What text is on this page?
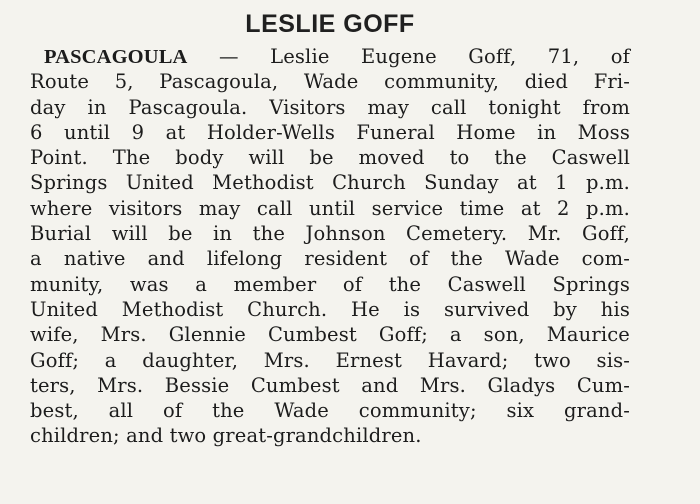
LESLIE GOFF
PASCAGOULA — Leslie Eugene Goff, 71, of
Route 5, Pascagoula, Wade community, died Fri-
day in Pascagoula. Visitors may call tonight from
6 until 9 at Holder-Wells Funeral Home in Moss
Point. The body will be moved to the Caswell
Springs United Methodist Church Sunday at 1 p.m.
where visitors may call until service time at 2 p.m.
Burial will be in the Johnson Cemetery. Mr. Goff,
a native and lifelong resident of the Wade com-
munity, was a member of the Caswell Springs
United Methodist Church. He is survived by his
wife, Mrs. Glennie Cumbest Goff; a son, Maurice
Goff; a daughter, Mrs. Ernest Havard; two sis-
ters, Mrs. Bessie Cumbest and Mrs. Gladys Cum-
best, all of the Wade community; six grand-
children; and two great-grandchildren.
